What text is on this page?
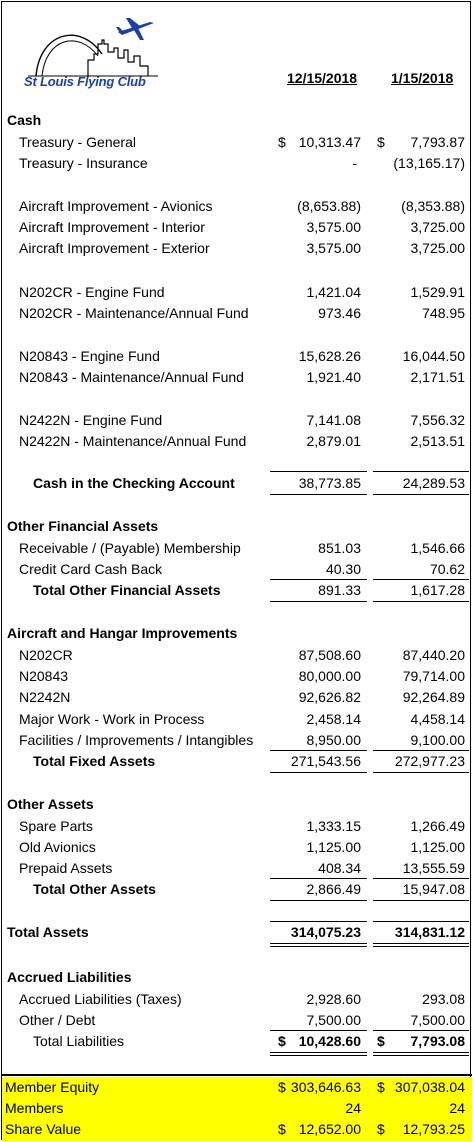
St Louis Flying Club	12/15/2018 1/15/2018
Cash
Treasury - General	$ 10,313.47 $ 7,793.87
Treasury - Insurance	-	(13,165.17)
Aircraft Improvement - Avionics	(8,653.88)	(8,353.88)
Aircraft Improvement - Interior	3,575.00	3,725.00
Aircraft Improvement - Exterior	3,575.00	3,725.00
N202CR - Engine Fund	1,421.04	1,529.91
N202CR - Maintenance/Annual Fund	973.46	748.95
N20843 - Engine Fund	15,628.26	16,044.50
N20843 - Maintenance/Annual Fund	1,921.40	2,171.51
N2422N - Engine Fund	7,141.08	7,556.32
N2422N - Maintenance/Annual Fund	2,879.01	2,513.51
Cash in the Checking Account	38,773.85	24,289.53
Other Financial Assets
Receivable / (Payable) Membership	851.03	1,546.66
Credit Card Cash Back	40.30	70.62
Total Other Financial Assets	891.33	1,617.28
Aircraft and Hangar Improvements
N202CR	87,508.60	87,440.20
N20843	80,000.00	79,714.00
N2242N	92,626.82	92,264.89
Major Work - Work in Process	2,458.14	4,458.14
Facilities / Improvements / Intangibles	8,950.00	9,100.00
Total Fixed Assets	271,543.56 272,977.23
Other Assets
Spare Parts	1,333.15	1,266.49
Old Avionics	1,125.00	1,125.00
Prepaid Assets	408.34	13,555.59
Total Other Assets	2,866.49	15,947.08
Total Assets	314,075.23 314,831.12
Accrued Liabilities
Accrued Liabilities (Taxes)	2,928.60	293.08
Other / Debt	7,500.00	7,500.00
Total Liabilities	$ 10,428.60 $ 7,793.08
Member Equity	$ 303,646.63 $ 307,038.04
Members	24	24
Share Value	$ 12,652.00 $ 12,793.25
